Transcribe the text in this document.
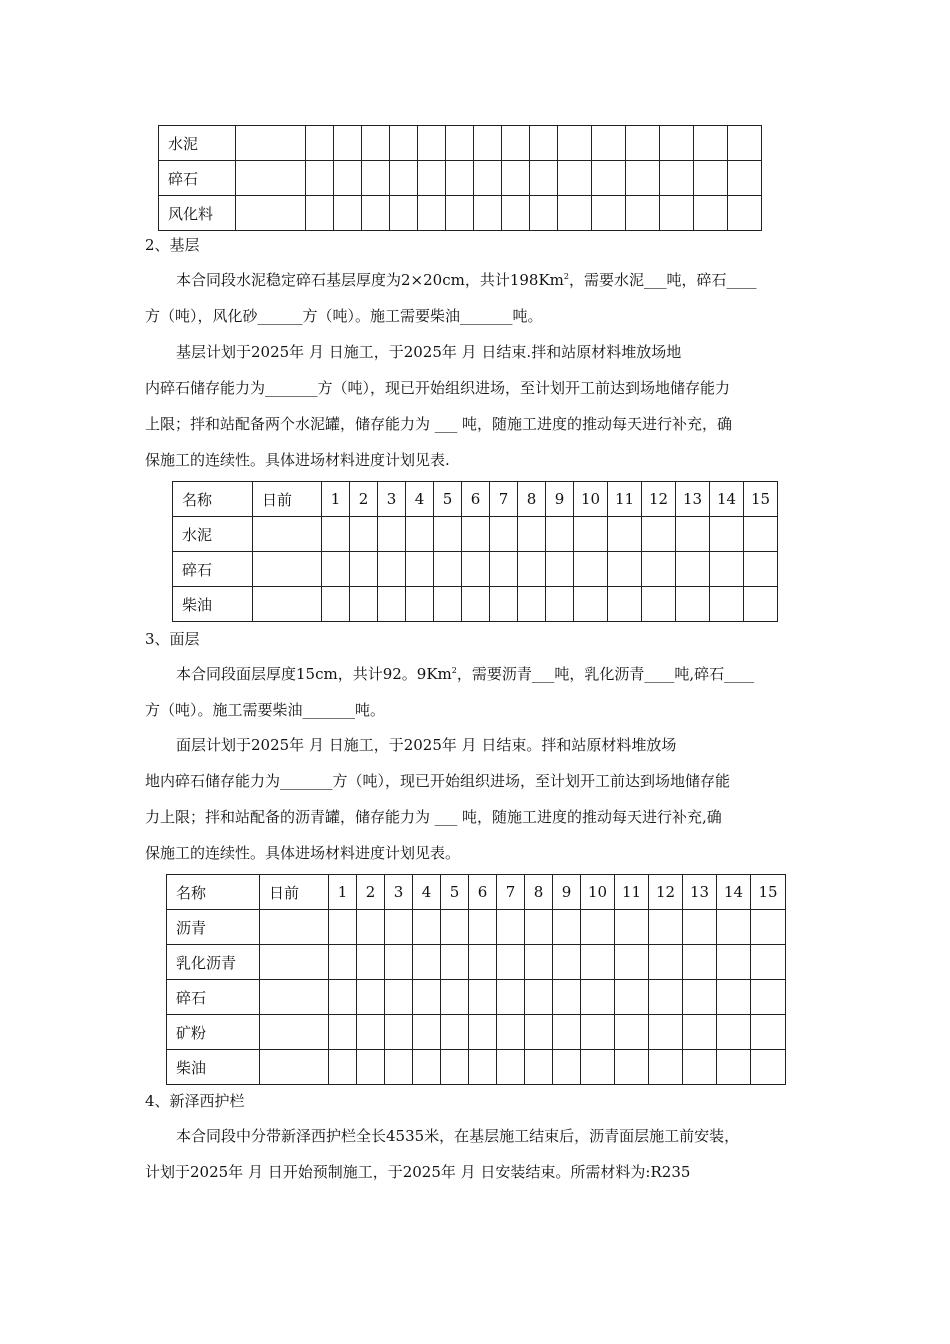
水泥																
碎石																
风化料																
2、基层
本合同段水泥稳定碎石基层厚度为2×20cm，共计198Km$^2$，需要水泥___吨，碎石____
方（吨），风化砂______方（吨）。施工需要柴油_______吨。
基层计划于2025年 月 日施工，于2025年 月 日结束.拌和站原材料堆放场地
内碎石储存能力为_______方（吨），现已开始组织进场，至计划开工前达到场地储存能力
上限；拌和站配备两个水泥罐，储存能力为 ___ 吨，随施工进度的推动每天进行补充，确
保施工的连续性。具体进场材料进度计划见表.
名称	日前	1	2	3	4	5	6	7	8	9	10	11	12	13	14	15
水泥																
碎石																
柴油																
3、面层
本合同段面层厚度15cm，共计92。9Km$^2$，需要沥青___吨，乳化沥青____吨,碎石____
方（吨）。施工需要柴油_______吨。
面层计划于2025年 月 日施工，于2025年 月 日结束。拌和站原材料堆放场
地内碎石储存能力为_______方（吨），现已开始组织进场，至计划开工前达到场地储存能
力上限；拌和站配备的沥青罐，储存能力为 ___ 吨，随施工进度的推动每天进行补充,确
保施工的连续性。具体进场材料进度计划见表。
名称	日前	1	2	3	4	5	6	7	8	9	10	11	12	13	14	15
沥青																
乳化沥青																
碎石																
矿粉																
柴油																
4、新泽西护栏
本合同段中分带新泽西护栏全长4535米，在基层施工结束后，沥青面层施工前安装，
计划于2025年 月 日开始预制施工，于2025年 月 日安装结束。所需材料为:R235
